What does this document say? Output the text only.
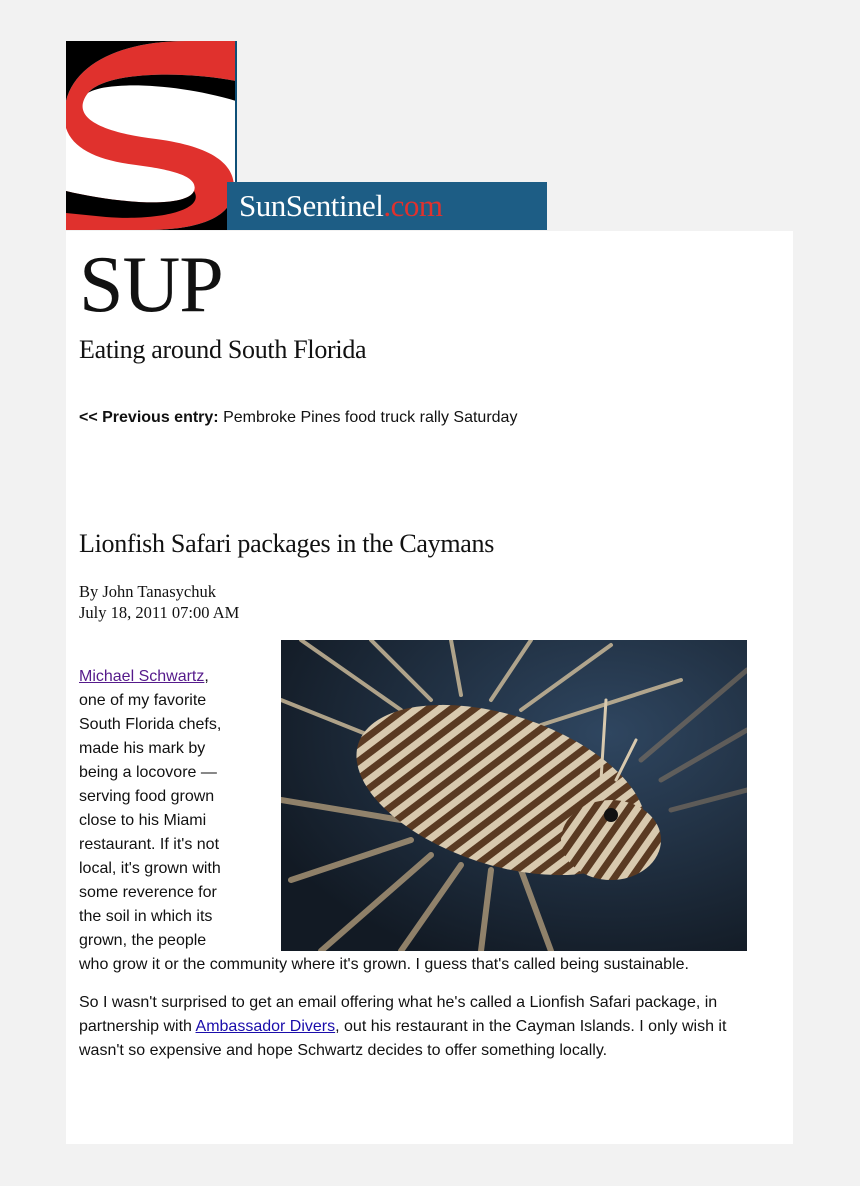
SunSentinel .com
SUP
Eating around South Florida
<< Previous entry: Pembroke Pines food truck rally Saturday
Lionfish Safari packages in the Caymans
By John Tanasychuk
July 18, 2011 07:00 AM

Michael Schwartz,
one of my favorite
South Florida chefs,
made his mark by
being a locovore —
serving food grown
close to his Miami
restaurant. If it's not
local, it's grown with
some reverence for
the soil in which its
grown, the people
who grow it or the community where it's grown. I guess that's called being sustainable.

So I wasn't surprised to get an email offering what he's called a Lionfish Safari package, in partnership with Ambassador Divers, out his restaurant in the Cayman Islands. I only wish it wasn't so expensive and hope Schwartz decides to offer something locally.
